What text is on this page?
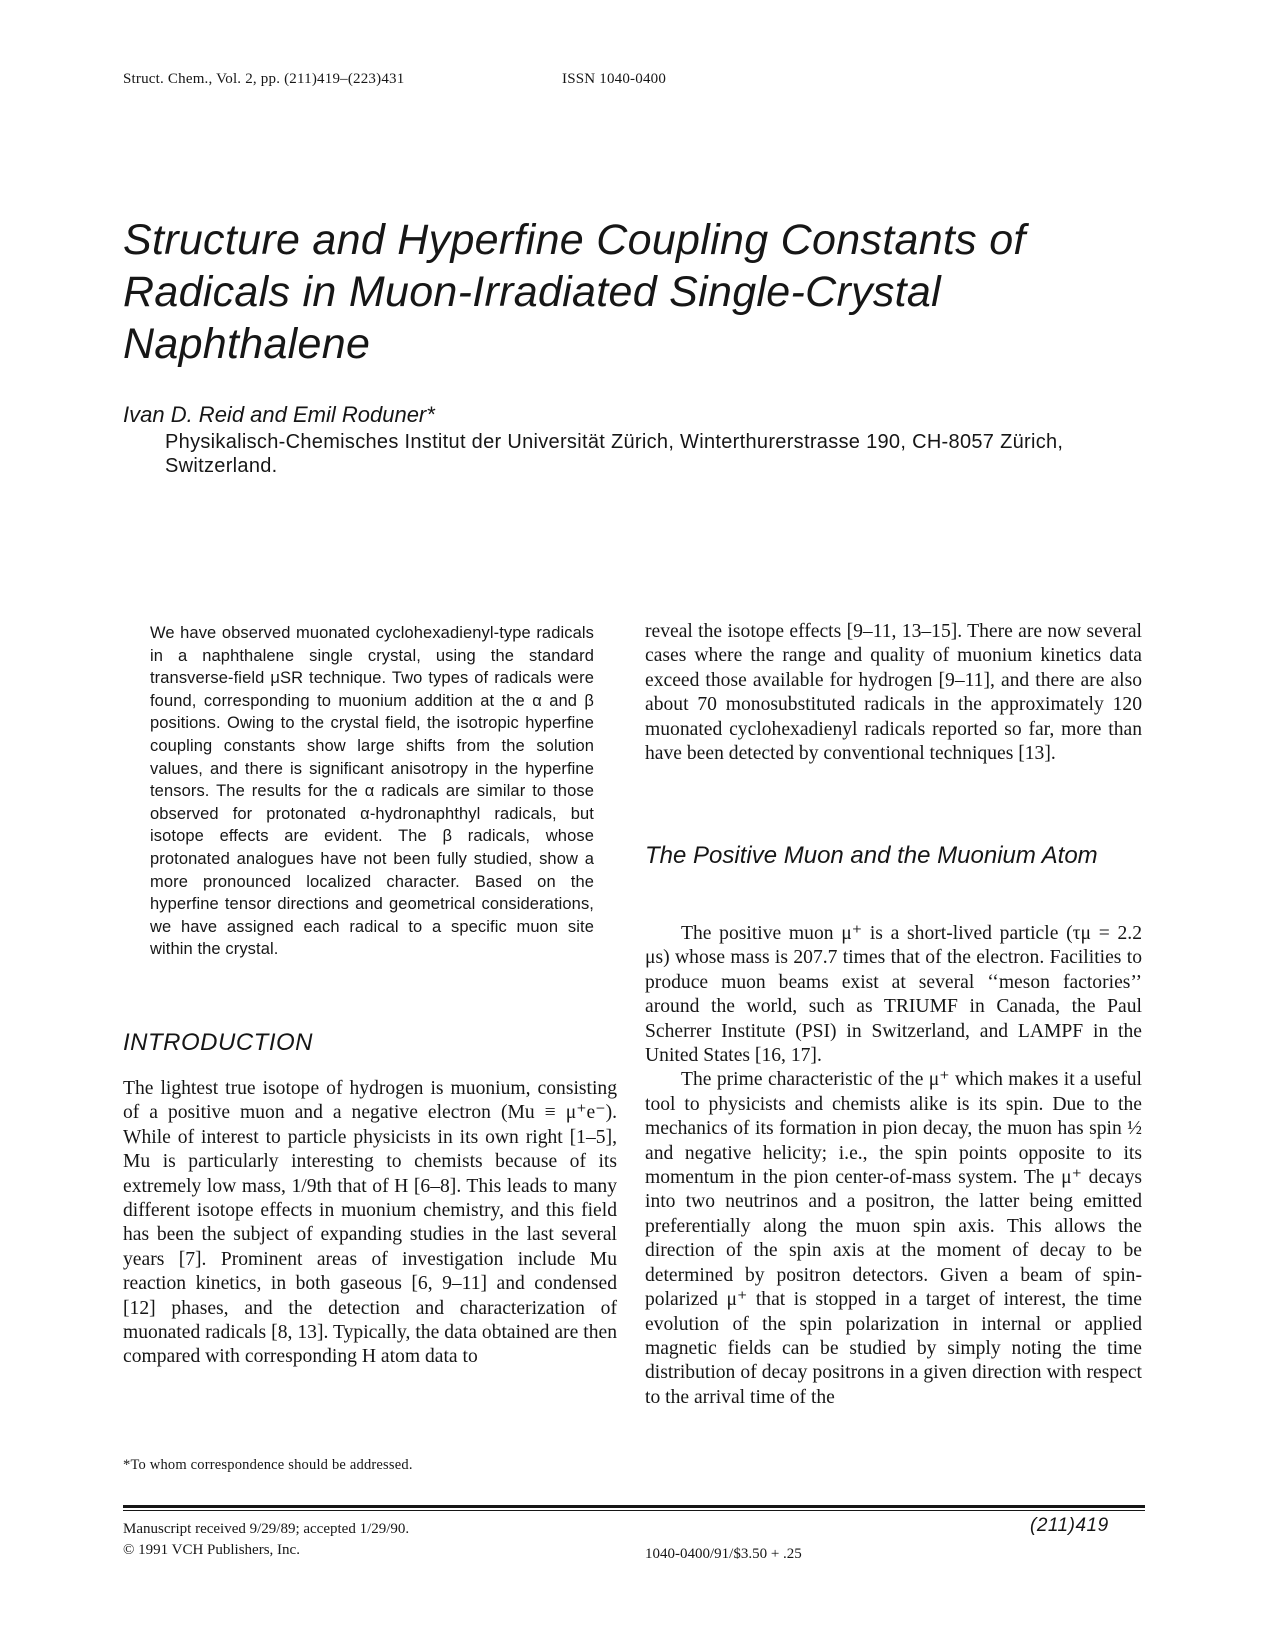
Struct. Chem., Vol. 2, pp. (211)419–(223)431	ISSN 1040-0400
Structure and Hyperfine Coupling Constants of Radicals in Muon-Irradiated Single-Crystal Naphthalene
Ivan D. Reid and Emil Roduner*
Physikalisch-Chemisches Institut der Universität Zürich, Winterthurerstrasse 190, CH-8057 Zürich, Switzerland.
We have observed muonated cyclohexadienyl-type radicals in a naphthalene single crystal, using the standard transverse-field μSR technique. Two types of radicals were found, corresponding to muonium addition at the α and β positions. Owing to the crystal field, the isotropic hyperfine coupling constants show large shifts from the solution values, and there is significant anisotropy in the hyperfine tensors. The results for the α radicals are similar to those observed for protonated α-hydronaphthyl radicals, but isotope effects are evident. The β radicals, whose protonated analogues have not been fully studied, show a more pronounced localized character. Based on the hyperfine tensor directions and geometrical considerations, we have assigned each radical to a specific muon site within the crystal.
INTRODUCTION
The lightest true isotope of hydrogen is muonium, consisting of a positive muon and a negative electron (Mu ≡ μ⁺e⁻). While of interest to particle physicists in its own right [1–5], Mu is particularly interesting to chemists because of its extremely low mass, 1/9th that of H [6–8]. This leads to many different isotope effects in muonium chemistry, and this field has been the subject of expanding studies in the last several years [7]. Prominent areas of investigation include Mu reaction kinetics, in both gaseous [6, 9–11] and condensed [12] phases, and the detection and characterization of muonated radicals [8, 13]. Typically, the data obtained are then compared with corresponding H atom data to
reveal the isotope effects [9–11, 13–15]. There are now several cases where the range and quality of muonium kinetics data exceed those available for hydrogen [9–11], and there are also about 70 monosubstituted radicals in the approximately 120 muonated cyclohexadienyl radicals reported so far, more than have been detected by conventional techniques [13].
The Positive Muon and the Muonium Atom

The positive muon μ⁺ is a short-lived particle (τμ = 2.2 μs) whose mass is 207.7 times that of the electron. Facilities to produce muon beams exist at several ‘‘meson factories’’ around the world, such as TRIUMF in Canada, the Paul Scherrer Institute (PSI) in Switzerland, and LAMPF in the United States [16, 17].

The prime characteristic of the μ⁺ which makes it a useful tool to physicists and chemists alike is its spin. Due to the mechanics of its formation in pion decay, the muon has spin ½ and negative helicity; i.e., the spin points opposite to its momentum in the pion center-of-mass system. The μ⁺ decays into two neutrinos and a positron, the latter being emitted preferentially along the muon spin axis. This allows the direction of the spin axis at the moment of decay to be determined by positron detectors. Given a beam of spin-polarized μ⁺ that is stopped in a target of interest, the time evolution of the spin polarization in internal or applied magnetic fields can be studied by simply noting the time distribution of decay positrons in a given direction with respect to the arrival time of the

*To whom correspondence should be addressed.
Manuscript received 9/29/89; accepted 1/29/90.
© 1991 VCH Publishers, Inc.	1040-0400/91/$3.50 + .25
(211)419
